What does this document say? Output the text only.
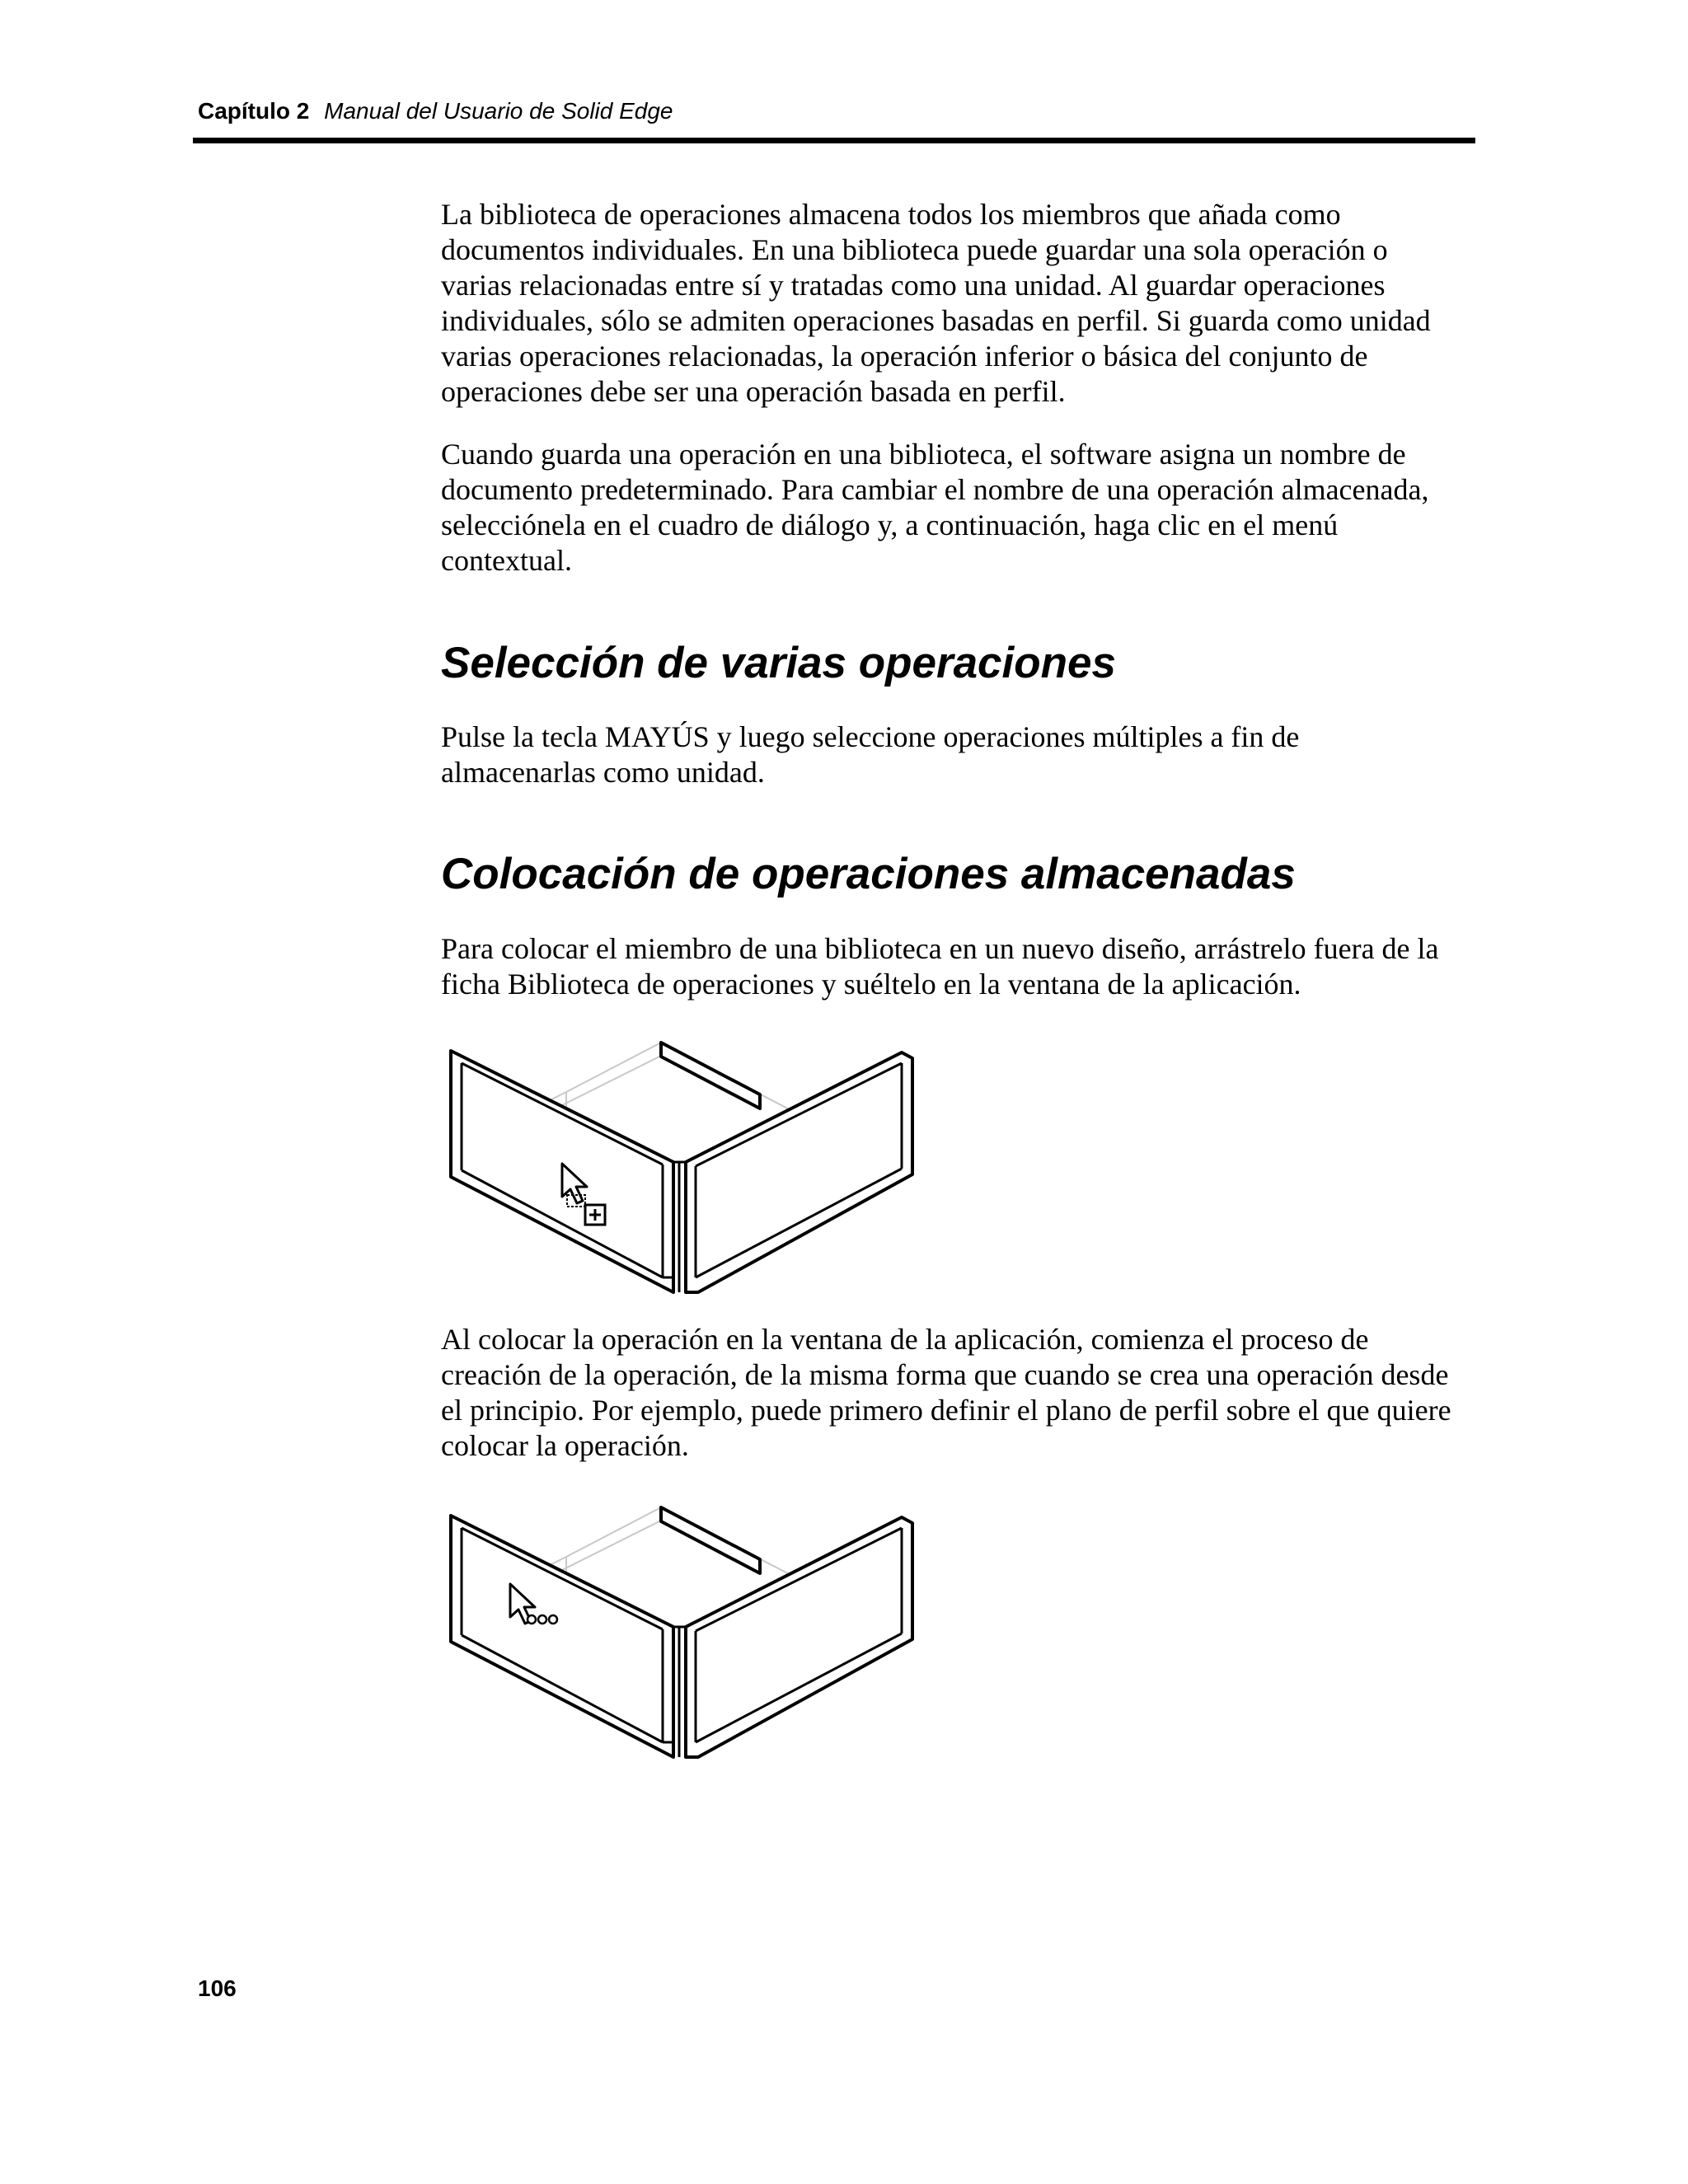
Capítulo 2 Manual del Usuario de Solid Edge

La biblioteca de operaciones almacena todos los miembros que añada como
documentos individuales. En una biblioteca puede guardar una sola operación o
varias relacionadas entre sí y tratadas como una unidad. Al guardar operaciones
individuales, sólo se admiten operaciones basadas en perfil. Si guarda como unidad
varias operaciones relacionadas, la operación inferior o básica del conjunto de
operaciones debe ser una operación basada en perfil.

Cuando guarda una operación en una biblioteca, el software asigna un nombre de
documento predeterminado. Para cambiar el nombre de una operación almacenada,
selecciónela en el cuadro de diálogo y, a continuación, haga clic en el menú
contextual.

Selección de varias operaciones

Pulse la tecla MAYÚS y luego seleccione operaciones múltiples a fin de
almacenarlas como unidad.

Colocación de operaciones almacenadas

Para colocar el miembro de una biblioteca en un nuevo diseño, arrástrelo fuera de la
ficha Biblioteca de operaciones y suéltelo en la ventana de la aplicación.

Al colocar la operación en la ventana de la aplicación, comienza el proceso de
creación de la operación, de la misma forma que cuando se crea una operación desde
el principio. Por ejemplo, puede primero definir el plano de perfil sobre el que quiere
colocar la operación.

106
